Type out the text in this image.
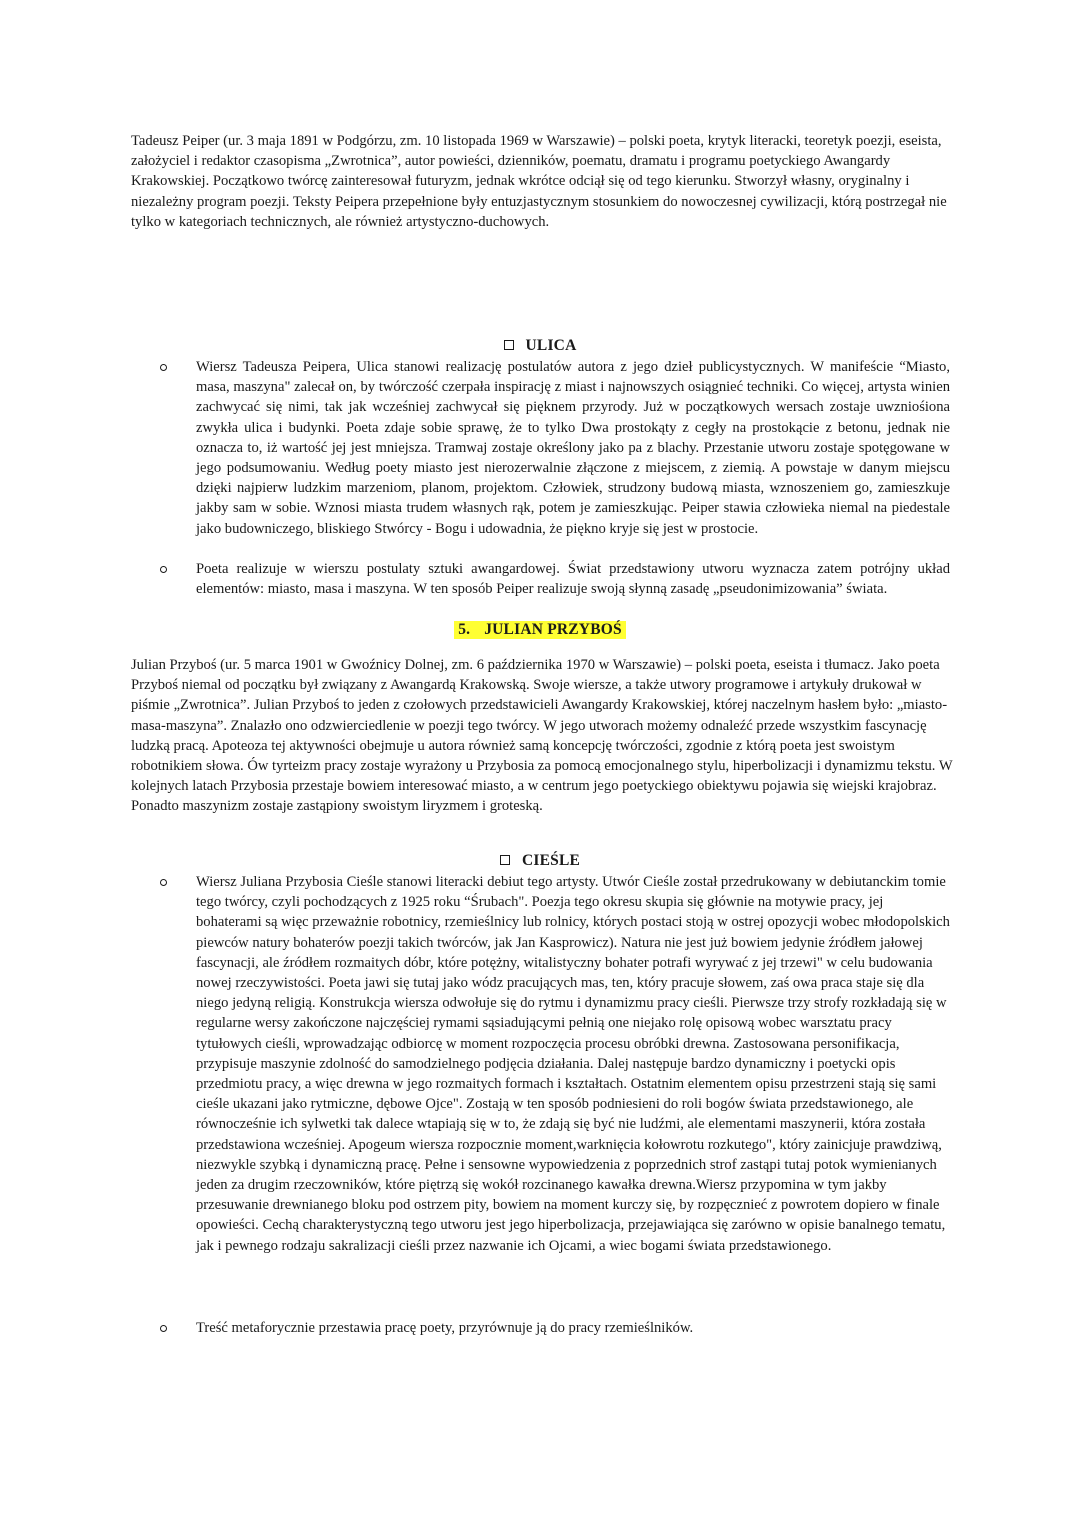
Tadeusz Peiper (ur. 3 maja 1891 w Podgórzu, zm. 10 listopada 1969 w Warszawie) – polski poeta, krytyk literacki, teoretyk poezji, eseista, założyciel i redaktor czasopisma „Zwrotnica”, autor powieści, dzienników, poematu, dramatu i programu poetyckiego Awangardy Krakowskiej. Początkowo twórcę zainteresował futuryzm, jednak wkrótce odciął się od tego kierunku. Stworzył własny, oryginalny i niezależny program poezji. Teksty Peipera przepełnione były entuzjastycznym stosunkiem do nowoczesnej cywilizacji, którą postrzegał nie tylko w kategoriach technicznych, ale również artystyczno-duchowych.

ULICA
Wiersz Tadeusza Peipera, Ulica stanowi realizację postulatów autora z jego dzieł publicystycznych. W manifeście “Miasto, masa, maszyna" zalecał on, by twórczość czerpała inspirację z miast i najnowszych osiągnieć techniki. Co więcej, artysta winien zachwycać się nimi, tak jak wcześniej zachwycał się pięknem przyrody. Już w początkowych wersach zostaje uwzniośiona zwykła ulica i budynki. Poeta zdaje sobie sprawę, że to tylko Dwa prostokąty z cegły na prostokącie z betonu, jednak nie oznacza to, iż wartość jej jest mniejsza. Tramwaj zostaje określony jako pa z blachy. Przestanie utworu zostaje spotęgowane w jego podsumowaniu. Według poety miasto jest nierozerwalnie złączone z miejscem, z ziemią. A powstaje w danym miejscu dzięki najpierw ludzkim marzeniom, planom, projektom. Człowiek, strudzony budową miasta, wznoszeniem go, zamieszkuje jakby sam w sobie. Wznosi miasta trudem własnych rąk, potem je zamieszkując. Peiper stawia człowieka niemal na piedestale jako budowniczego, bliskiego Stwórcy - Bogu i udowadnia, że piękno kryje się jest w prostocie.
Poeta realizuje w wierszu postulaty sztuki awangardowej. Świat przedstawiony utworu wyznacza zatem potrójny układ elementów: miasto, masa i maszyna. W ten sposób Peiper realizuje swoją słynną zasadę „pseudonimizowania” świata.
5. JULIAN PRZYBOŚ

Julian Przyboś (ur. 5 marca 1901 w Gwoźnicy Dolnej, zm. 6 października 1970 w Warszawie) – polski poeta, eseista i tłumacz. Jako poeta Przyboś niemal od początku był związany z Awangardą Krakowską. Swoje wiersze, a także utwory programowe i artykuły drukował w piśmie „Zwrotnica”. Julian Przyboś to jeden z czołowych przedstawicieli Awangardy Krakowskiej, której naczelnym hasłem było: „miasto-masa-maszyna”. Znalazło ono odzwierciedlenie w poezji tego twórcy. W jego utworach możemy odnaleźć przede wszystkim fascynację ludzką pracą. Apoteoza tej aktywności obejmuje u autora również samą koncepcję twórczości, zgodnie z którą poeta jest swoistym robotnikiem słowa. Ów tyrteizm pracy zostaje wyrażony u Przybosia za pomocą emocjonalnego stylu, hiperbolizacji i dynamizmu tekstu. W kolejnych latach Przybosia przestaje bowiem interesować miasto, a w centrum jego poetyckiego obiektywu pojawia się wiejski krajobraz. Ponadto maszynizm zostaje zastąpiony swoistym liryzmem i groteską.

CIEŚLE
Wiersz Juliana Przybosia Cieśle stanowi literacki debiut tego artysty. Utwór Cieśle został przedrukowany w debiutanckim tomie tego twórcy, czyli pochodzących z 1925 roku “Śrubach". Poezja tego okresu skupia się głównie na motywie pracy, jej bohaterami są więc przeważnie robotnicy, rzemieślnicy lub rolnicy, których postaci stoją w ostrej opozycji wobec młodopolskich piewców natury bohaterów poezji takich twórców, jak Jan Kasprowicz). Natura nie jest już bowiem jedynie źródłem jałowej fascynacji, ale źródłem rozmaitych dóbr, które potężny, witalistyczny bohater potrafi wyrywać z jej trzewi" w celu budowania nowej rzeczywistości. Poeta jawi się tutaj jako wódz pracujących mas, ten, który pracuje słowem, zaś owa praca staje się dla niego jedyną religią. Konstrukcja wiersza odwołuje się do rytmu i dynamizmu pracy cieśli. Pierwsze trzy strofy rozkładają się w regularne wersy zakończone najczęściej rymami sąsiadującymi pełnią one niejako rolę opisową wobec warsztatu pracy tytułowych cieśli, wprowadzając odbiorcę w moment rozpoczęcia procesu obróbki drewna. Zastosowana personifikacja, przypisuje maszynie zdolność do samodzielnego podjęcia działania. Dalej następuje bardzo dynamiczny i poetycki opis przedmiotu pracy, a więc drewna w jego rozmaitych formach i kształtach. Ostatnim elementem opisu przestrzeni stają się sami cieśle ukazani jako rytmiczne, dębowe Ojce". Zostają w ten sposób podniesieni do roli bogów świata przedstawionego, ale równocześnie ich sylwetki tak dalece wtapiają się w to, że zdają się być nie ludźmi, ale elementami maszynerii, która została przedstawiona wcześniej. Apogeum wiersza rozpocznie moment,warknięcia kołowrotu rozkutego", który zainicjuje prawdziwą, niezwykle szybką i dynamiczną pracę. Pełne i sensowne wypowiedzenia z poprzednich strof zastąpi tutaj potok wymienianych jeden za drugim rzeczowników, które piętrzą się wokół rozcinanego kawałka drewna.Wiersz przypomina w tym jakby przesuwanie drewnianego bloku pod ostrzem pity, bowiem na moment kurczy się, by rozpęcznieć z powrotem dopiero w finale opowieści. Cechą charakterystyczną tego utworu jest jego hiperbolizacja, przejawiająca się zarówno w opisie banalnego tematu, jak i pewnego rodzaju sakralizacji cieśli przez nazwanie ich Ojcami, a wiec bogami świata przedstawionego.
Treść metaforycznie przestawia pracę poety, przyrównuje ją do pracy rzemieślników.
